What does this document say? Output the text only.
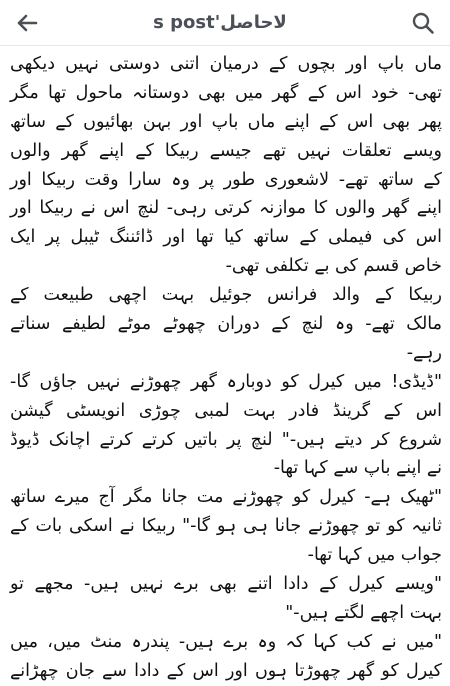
لاحاصل's post
ماں باپ اور بچوں کے درمیان اتنی دوستی نہیں دیکھی
تھی- خود اس کے گھر میں بھی دوستانہ ماحول تھا مگر
پھر بھی اس کے اپنے ماں باپ اور بہن بھائیوں کے ساتھ
ویسے تعلقات نہیں تھے جیسے ربیکا کے اپنے گھر والوں
کے ساتھ تھے- لاشعوری طور پر وہ سارا وقت ربیکا اور
اپنے گھر والوں کا موازنہ کرتی رہی- لنچ اس نے ربیکا اور
اس کی فیملی کے ساتھ کیا تھا اور ڈائننگ ٹیبل پر ایک
خاص قسم کی بے تکلفی تھی-
ربیکا کے والد فرانس جوئیل بہت اچھی طبیعت کے
مالک تھے- وہ لنچ کے دوران چھوٹے موٹے لطیفے سناتے
رہے-
"ڈیڈی! میں کیرل کو دوبارہ گھر چھوڑنے نہیں جاؤں گا-
اس کے گرینڈ فادر بہت لمبی چوڑی انویسٹی گیشن
شروع کر دیتے ہیں-" لنچ پر باتیں کرتے کرتے اچانک ڈیوڈ
نے اپنے باپ سے کہا تھا-
"ٹھیک ہے- کیرل کو چھوڑنے مت جانا مگر آج میرے ساتھ
ثانیہ کو تو چھوڑنے جانا ہی ہو گا-" ربیکا نے اسکی بات کے
جواب میں کہا تھا-
"ویسے کیرل کے دادا اتنے بھی برے نہیں ہیں- مجھے تو
بہت اچھے لگتے ہیں-"
"میں نے کب کہا کہ وہ برے ہیں- پندرہ منٹ میں، میں
کیرل کو گھر چھوڑتا ہوں اور اس کے دادا سے جان چھڑانے
